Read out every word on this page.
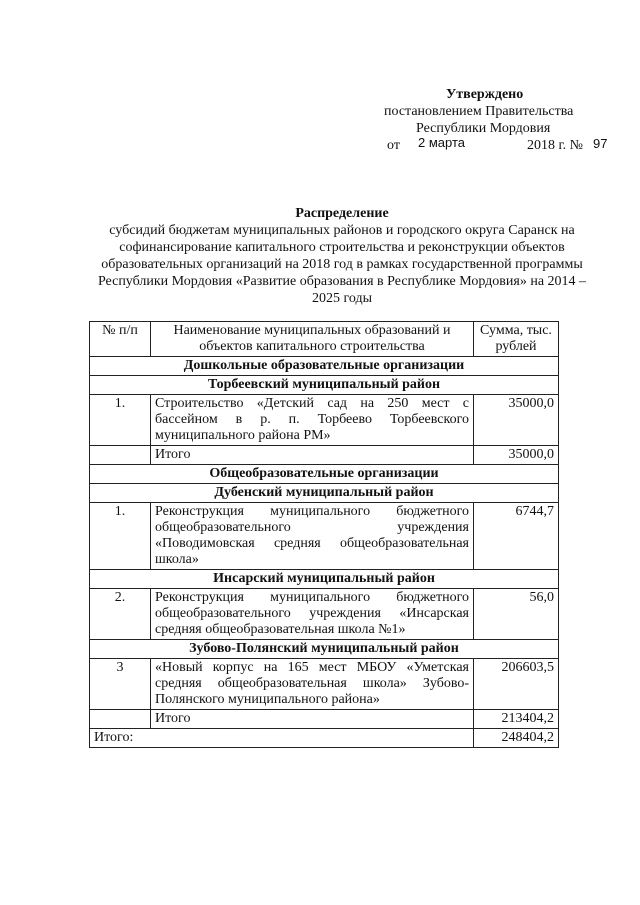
Утверждено
постановлением Правительства
Республики Мордовия
от 2 марта	2018 г. № 97
Распределение
субсидий бюджетам муниципальных районов и городского округа Саранск на софинансирование капитального строительства и реконструкции объектов образовательных организаций на 2018 год в рамках государственной программы Республики Мордовия «Развитие образования в Республике Мордовия» на 2014 – 2025 годы
№ п/п	Наименование муниципальных образований и объектов капитального строительства	Сумма, тыс. рублей
Дошкольные образовательные организации		
Торбеевский муниципальный район		
1.	Строительство «Детский сад на 250 мест с бассейном в р. п. Торбеево Торбеевского муниципального района РМ»	35000,0
	Итого	35000,0
Общеобразовательные организации		
Дубенский муниципальный район		
1.	Реконструкция муниципального бюджетного общеобразовательного учреждения «Поводимовская средняя общеобразовательная школа»	6744,7
Инсарский муниципальный район		
2.	Реконструкция муниципального бюджетного общеобразовательного учреждения «Инсарская средняя общеобразовательная школа №1»	56,0
Зубово-Полянский муниципальный район		
3	«Новый корпус на 165 мест МБОУ «Уметская средняя общеобразовательная школа» Зубово-Полянского муниципального района»	206603,5
	Итого	213404,2
Итого:		248404,2
